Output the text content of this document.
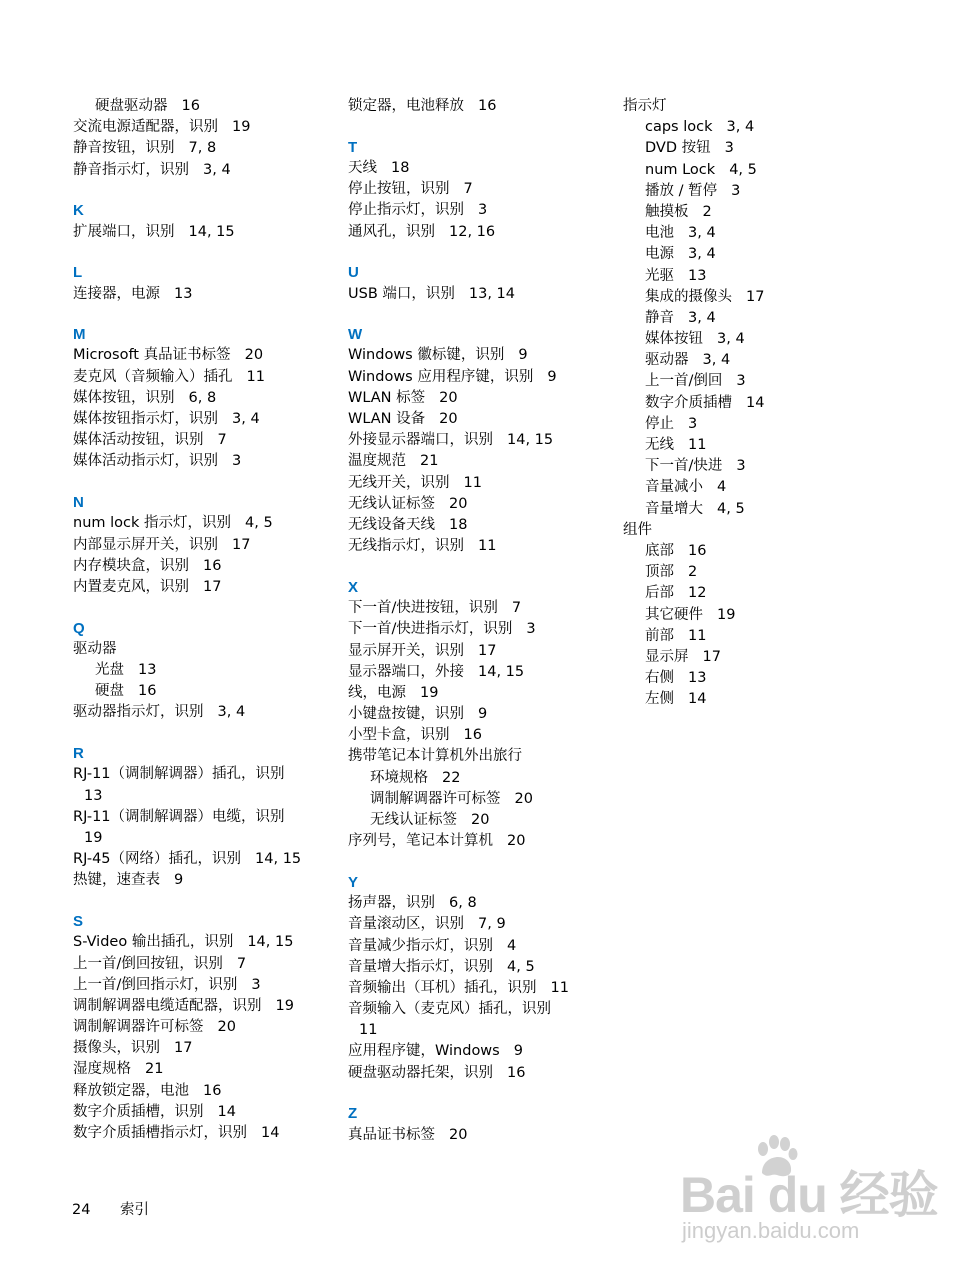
硬盘驱动器 16
交流电源适配器，识别 19
静音按钮，识别 7, 8
静音指示灯，识别 3, 4
K
扩展端口，识别 14, 15
L
连接器，电源 13
M
Microsoft 真品证书标签 20
麦克风（音频输入）插孔 11
媒体按钮，识别 6, 8
媒体按钮指示灯，识别 3, 4
媒体活动按钮，识别 7
媒体活动指示灯，识别 3
N
num lock 指示灯，识别 4, 5
内部显示屏开关，识别 17
内存模块盒，识别 16
内置麦克风，识别 17
Q
驱动器
光盘 13
硬盘 16
驱动器指示灯，识别 3, 4
R
RJ-11（调制解调器）插孔，识别
13
RJ-11（调制解调器）电缆，识别
19
RJ-45（网络）插孔，识别 14, 15
热键，速查表 9
S
S-Video 输出插孔，识别 14, 15
上一首/倒回按钮，识别 7
上一首/倒回指示灯，识别 3
调制解调器电缆适配器，识别 19
调制解调器许可标签 20
摄像头，识别 17
湿度规格 21
释放锁定器，电池 16
数字介质插槽，识别 14
数字介质插槽指示灯，识别 14
锁定器，电池释放 16
T
天线 18
停止按钮，识别 7
停止指示灯，识别 3
通风孔，识别 12, 16
U
USB 端口，识别 13, 14
W
Windows 徽标键，识别 9
Windows 应用程序键，识别 9
WLAN 标签 20
WLAN 设备 20
外接显示器端口，识别 14, 15
温度规范 21
无线开关，识别 11
无线认证标签 20
无线设备天线 18
无线指示灯，识别 11
X
下一首/快进按钮，识别 7
下一首/快进指示灯，识别 3
显示屏开关，识别 17
显示器端口，外接 14, 15
线，电源 19
小键盘按键，识别 9
小型卡盒，识别 16
携带笔记本计算机外出旅行
环境规格 22
调制解调器许可标签 20
无线认证标签 20
序列号，笔记本计算机 20
Y
扬声器，识别 6, 8
音量滚动区，识别 7, 9
音量减少指示灯，识别 4
音量增大指示灯，识别 4, 5
音频输出（耳机）插孔，识别 11
音频输入（麦克风）插孔，识别
11
应用程序键，Windows 9
硬盘驱动器托架，识别 16
Z
真品证书标签 20
指示灯
caps lock 3, 4
DVD 按钮 3
num Lock 4, 5
播放 / 暂停 3
触摸板 2
电池 3, 4
电源 3, 4
光驱 13
集成的摄像头 17
静音 3, 4
媒体按钮 3, 4
驱动器 3, 4
上一首/倒回 3
数字介质插槽 14
停止 3
无线 11
下一首/快进 3
音量减小 4
音量增大 4, 5
组件
底部 16
顶部 2
后部 12
其它硬件 19
前部 11
显示屏 17
右侧 13
左侧 14
24 索引	Bai du 经验
jingyan.baidu.com
